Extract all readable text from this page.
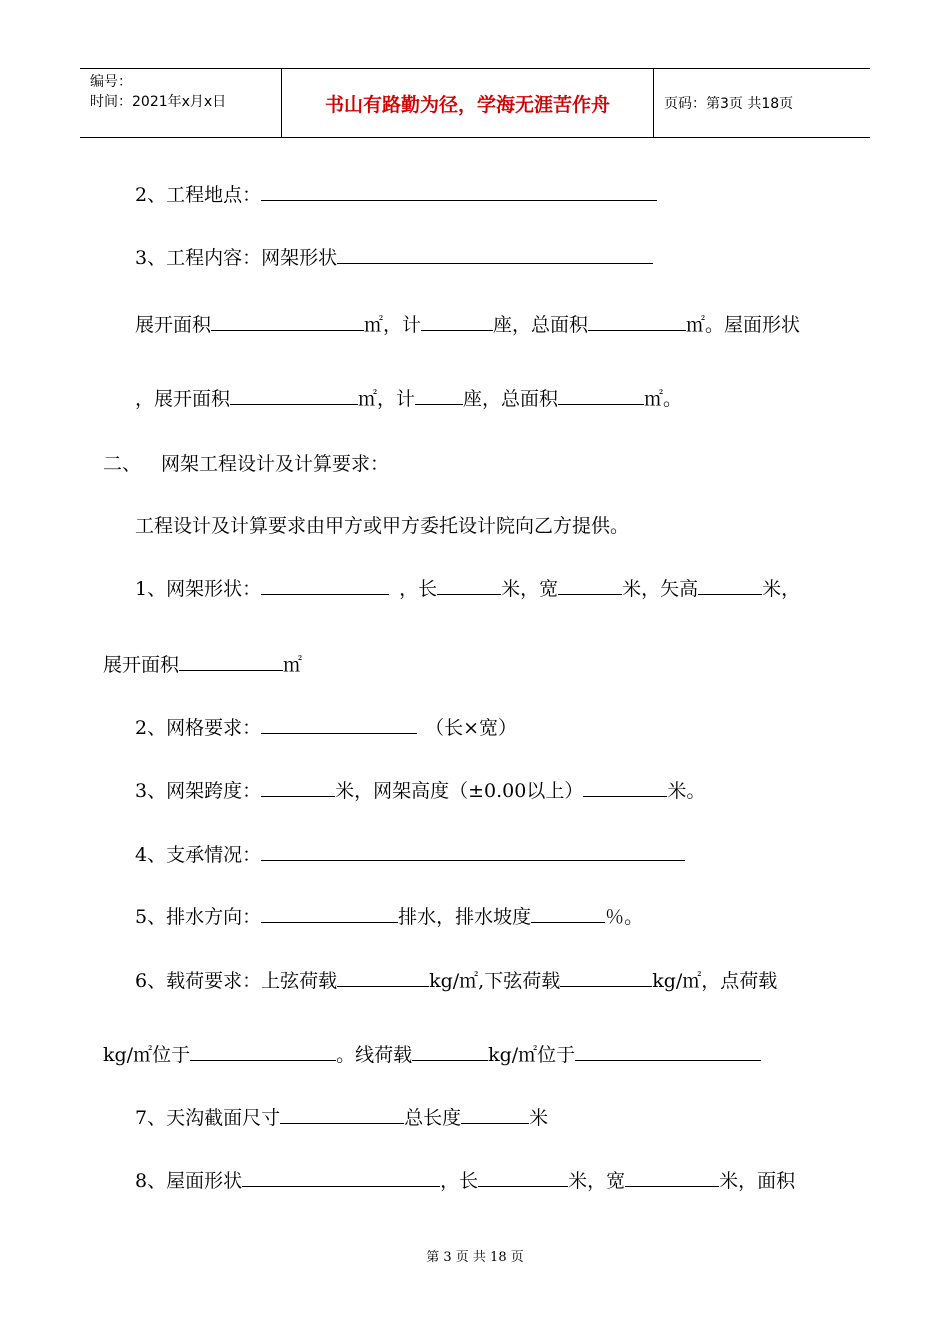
编号：
时间：2021年x月x日	书山有路勤为径，学海无涯苦作舟	页码：第3页 共18页
2、工程地点：
3、工程内容：网架形状
展开面积	㎡，计	座，总面积	㎡。屋面形状
，展开面积	㎡，计	座，总面积	㎡。
二、 网架工程设计及计算要求：
工程设计及计算要求由甲方或甲方委托设计院向乙方提供。
1、网架形状：	，长	米，宽	米，矢高	米，
展开面积	㎡
2、网格要求：	（长×宽）
3、网架跨度：	米，网架高度（±0.00以上）	米。
4、支承情况：
5、排水方向：	排水，排水坡度	％。
6、载荷要求：上弦荷载	kg/㎡,下弦荷载	kg/㎡，点荷载
kg/㎡位于	。线荷载	kg/㎡位于
7、天沟截面尺寸	总长度	米
8、屋面形状	，长	米，宽	米，面积
第 3 页 共 18 页
